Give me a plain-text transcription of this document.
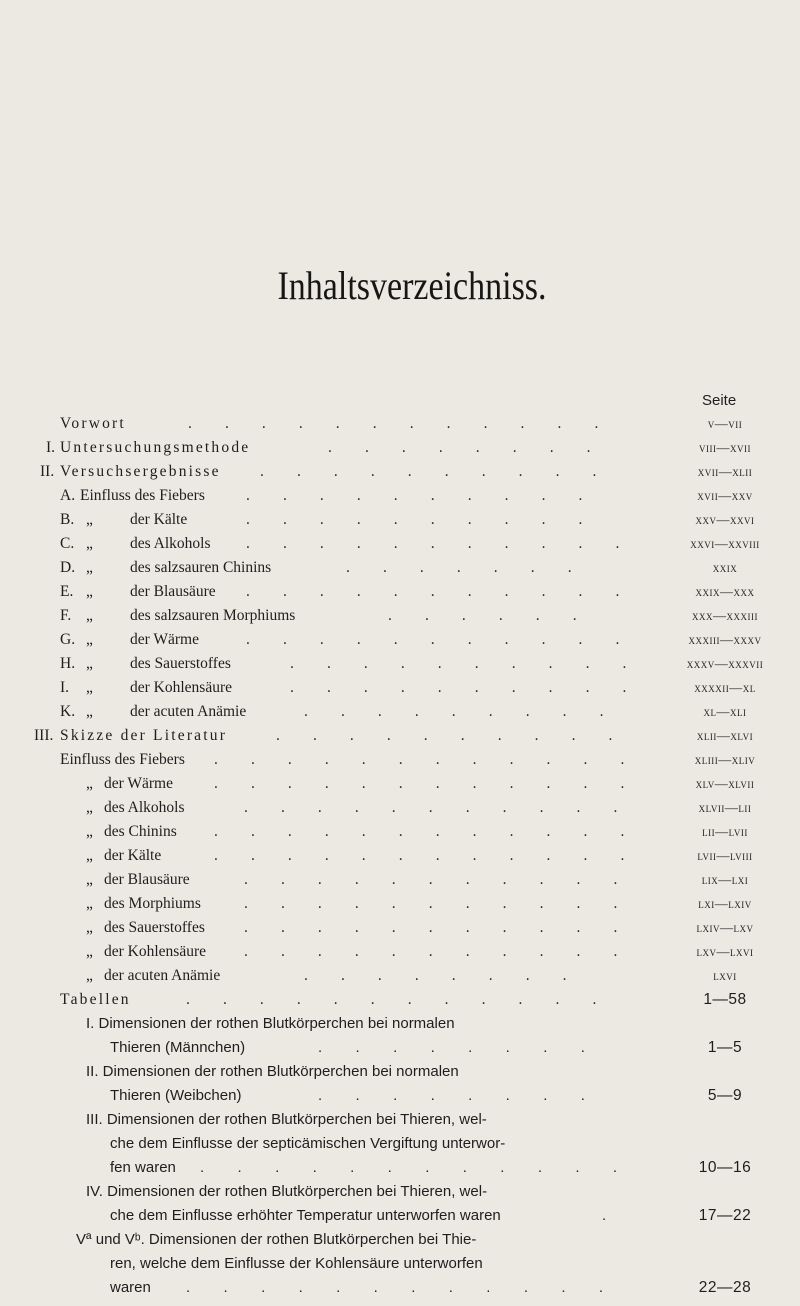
Inhaltsverzeichniss.
Seite
Vorwort	. . . . . . . . . . . .	v—vii
I. Untersuchungsmethode	. . . . . . . .	viii—xvii
II. Versuchsergebnisse	. . . . . . . . . .	xvii—xlii
A. Einfluss des Fiebers	. . . . . . . . . .	xvii—xxv
B. „ der Kälte	. . . . . . . . . .	xxv—xxvi
C. „ des Alkohols . . . . . . . . . . .	xxvi—xxviii
D. „ des salzsauren Chinins	. . . . . . .	xxix
E. „ der Blausäure . . . . . . . . . . .	xxix—xxx
F. „ des salzsauren Morphiums	. . . . . .	xxx—xxxiii
G. „ der Wärme	. . . . . . . . . . .	xxxiii—xxxv
H. „ des Sauerstoffes	. . . . . . . . . .	xxxv—xxxvii
I. „ der Kohlensäure	. . . . . . . . . .	xxxxii—xl
K. „ der acuten Anämie	. . . . . . . . .	xl—xli
III. Skizze der Literatur	. . . . . . . . . .	xlii—xlvi
Einfluss des Fiebers . . . . . . . . . . . .	xliii—xliv
„ der Wärme	. . . . . . . . . . . .	xlv—xlvii
„ des Alkohols	. . . . . . . . . . .	xlvii—lii
„ des Chinins . . . . . . . . . . . .	lii—lvii
„ der Kälte	. . . . . . . . . . . .	lvii—lviii
„ der Blausäure	. . . . . . . . . . .	lix—lxi
„ des Morphiums	. . . . . . . . . . .	lxi—lxiv
„ des Sauerstoffes	. . . . . . . . . . .	lxiv—lxv
„ der Kohlensäure . . . . . . . . . . .	lxv—lxvi
„ der acuten Anämie	. . . . . . . .	lxvi
Tabellen	. . . . . . . . . . . .	1—58
I. Dimensionen der rothen Blutkörperchen bei normalen
Thieren (Männchen)	. . . . . . . .	1—5
II. Dimensionen der rothen Blutkörperchen bei normalen
Thieren (Weibchen)	. . . . . . . .	5—9
III. Dimensionen der rothen Blutkörperchen bei Thieren, wel-
che dem Einflusse der septicämischen Vergiftung unterwor-
fen waren . . . . . . . . . . . .	10—16
IV. Dimensionen der rothen Blutkörperchen bei Thieren, wel-
che dem Einflusse erhöhter Temperatur unterworfen waren	.	17—22
Vª und Vᵇ. Dimensionen der rothen Blutkörperchen bei Thie-
ren, welche dem Einflusse der Kohlensäure unterworfen
waren . . . . . . . . . . . .	22—28
